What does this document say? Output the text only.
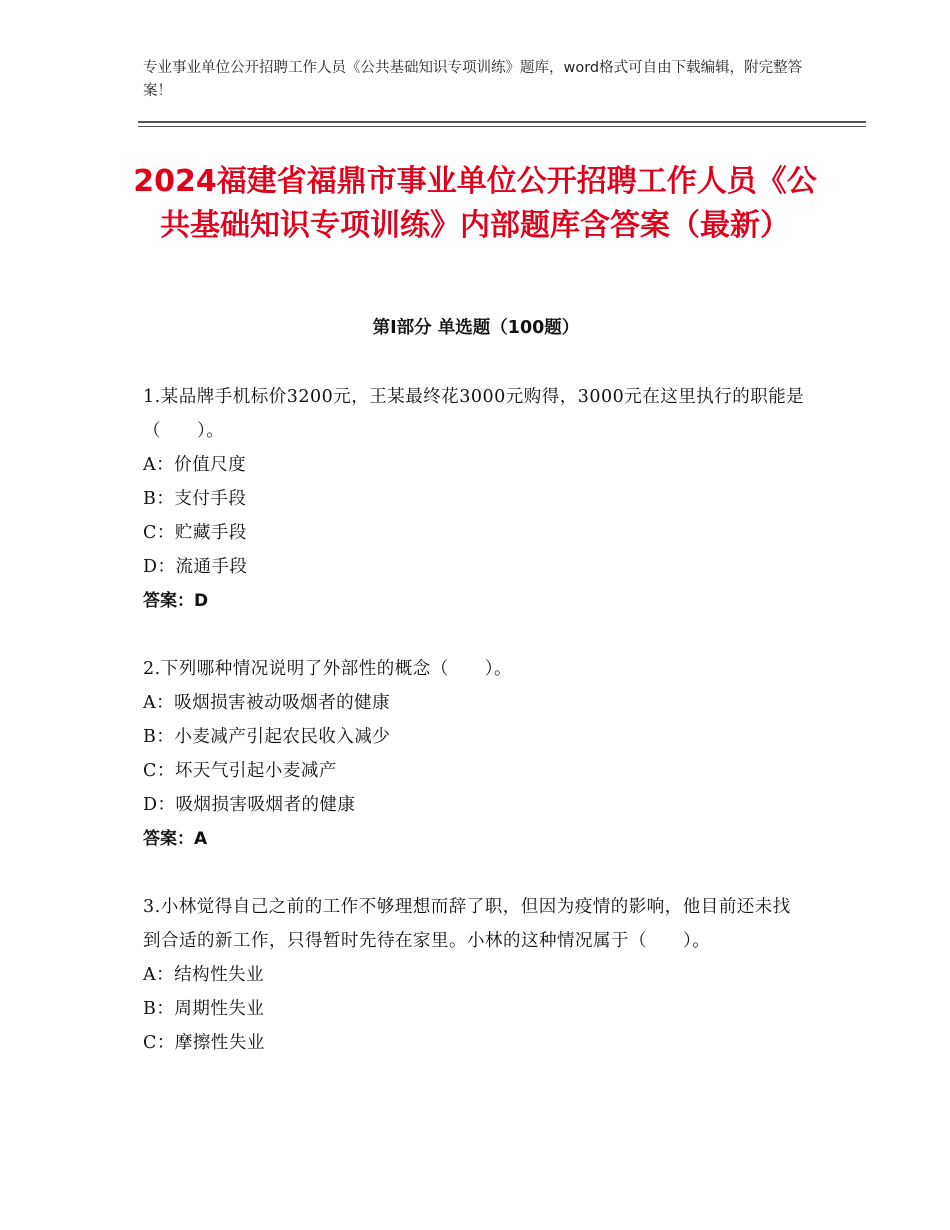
专业事业单位公开招聘工作人员《公共基础知识专项训练》题库，word格式可自由下载编辑，附完整答案！
2024福建省福鼎市事业单位公开招聘工作人员《公共基础知识专项训练》内部题库含答案（最新）
第Ⅰ部分 单选题（100题）
1.某品牌手机标价3200元，王某最终花3000元购得，3000元在这里执行的职能是（　　）。
A：价值尺度
B：支付手段
C：贮藏手段
D：流通手段
答案：D
2.下列哪种情况说明了外部性的概念（　　）。
A：吸烟损害被动吸烟者的健康
B：小麦减产引起农民收入减少
C：坏天气引起小麦减产
D：吸烟损害吸烟者的健康
答案：A
3.小林觉得自己之前的工作不够理想而辞了职，但因为疫情的影响，他目前还未找到合适的新工作，只得暂时先待在家里。小林的这种情况属于（　　）。
A：结构性失业
B：周期性失业
C：摩擦性失业
